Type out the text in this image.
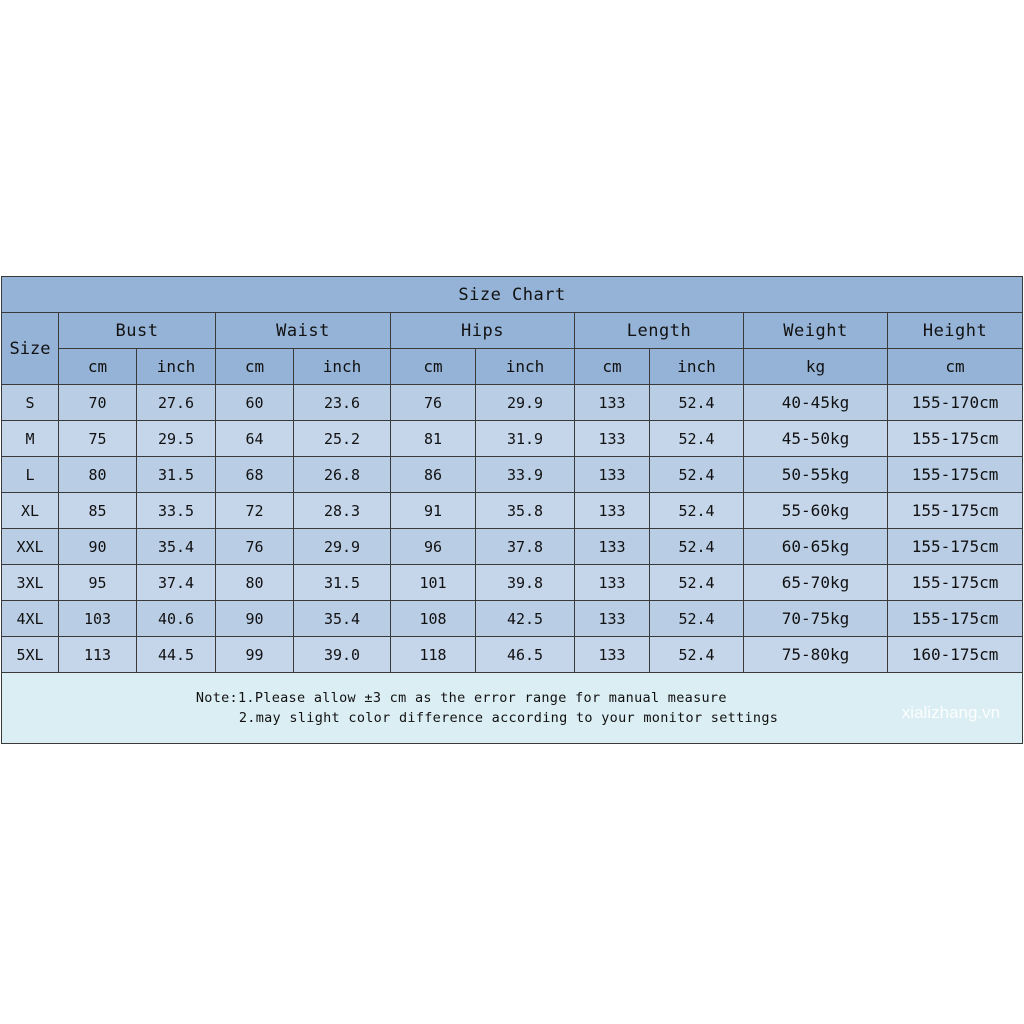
Size Chart										
Size	Bust		Waist		Hips		Length		Weight	Height
	cm	inch	cm	inch	cm	inch	cm	inch	kg	cm
S	70	27.6	60	23.6	76	29.9	133	52.4	40-45kg	155-170cm
M	75	29.5	64	25.2	81	31.9	133	52.4	45-50kg	155-175cm
L	80	31.5	68	26.8	86	33.9	133	52.4	50-55kg	155-175cm
XL	85	33.5	72	28.3	91	35.8	133	52.4	55-60kg	155-175cm
XXL	90	35.4	76	29.9	96	37.8	133	52.4	60-65kg	155-175cm
3XL	95	37.4	80	31.5	101	39.8	133	52.4	65-70kg	155-175cm
4XL	103	40.6	90	35.4	108	42.5	133	52.4	70-75kg	155-175cm
5XL	113	44.5	99	39.0	118	46.5	133	52.4	75-80kg	160-175cm

Note:1.Please allow ±3 cm as the error range for manual measure
2.may slight color difference according to your monitor settings xializhang.vn										
